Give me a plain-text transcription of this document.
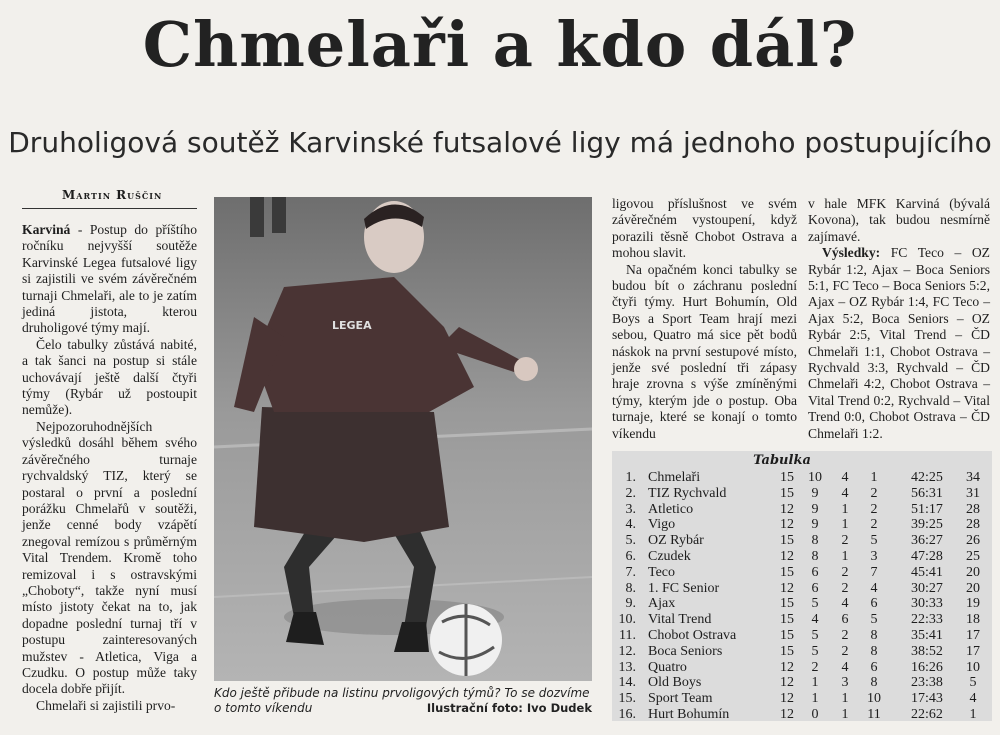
Chmelaři a kdo dál?
Druholigová soutěž Karvinské futsalové ligy má jednoho postupujícího
Martin Ruščin

Karviná - Postup do příštího ročníku nejvyšší soutěže Karvinské Legea futsalové ligy si zajistili ve svém závěrečném turnaji Chmelaři, ale to je zatím jediná jistota, kterou druholigové týmy mají.

Čelo tabulky zůstává nabité, a tak šanci na postup si stále uchovávají ještě další čtyři týmy (Rybár už postoupit nemůže).

Nejpozoruhodnějších výsledků dosáhl během svého závěrečného turnaje rychvaldský TIZ, který se postaral o první a poslední porážku Chmelařů v soutěži, jenže cenné body vzápětí znegoval remízou s průměrným Vital Trendem. Kromě toho remizoval i s ostravskými „Choboty“, takže nyní musí místo jistoty čekat na to, jak dopadne poslední turnaj tří v postupu zainteresovaných mužstev - Atletica, Viga a Czudku. O postup může taky docela dobře přijít.

Chmelaři si zajistili prvo-

LEGEA
Kdo ještě přibude na listinu prvoligových týmů? To se dozvíme o tomto víkendu	Ilustrační foto: Ivo Dudek

ligovou příslušnost ve svém závěrečném vystoupení, když porazili těsně Chobot Ostrava a mohou slavit.

Na opačném konci tabulky se budou bít o záchranu poslední čtyři týmy. Hurt Bohumín, Old Boys a Sport Team hrají mezi sebou, Quatro má sice pět bodů náskok na první sestupové místo, jenže své poslední tři zápasy hraje zrovna s výše zmíněnými týmy, kterým jde o postup. Oba turnaje, které se konají o tomto víkendu

v hale MFK Karviná (bývalá Kovona), tak budou nesmírně zajímavé.

Výsledky: FC Teco – OZ Rybár 1:2, Ajax – Boca Seniors 5:1, FC Teco – Boca Seniors 5:2, Ajax – OZ Rybár 1:4, FC Teco – Ajax 5:2, Boca Seniors – OZ Rybár 2:5, Vital Trend – ČD Chmelaři 1:1, Chobot Ostrava – Rychvald 3:3, Rychvald – ČD Chmelaři 4:2, Chobot Ostrava – Vital Trend 0:2, Rychvald – Vital Trend 0:0, Chobot Ostrava – ČD Chmelaři 1:2.

Tabulka
1. Chmelaři	15	10	4	1	42:25	34
2. TIZ Rychvald	15	9	4	2	56:31	31
3. Atletico	12	9	1	2	51:17	28
4. Vigo	12	9	1	2	39:25	28
5. OZ Rybár	15	8	2	5	36:27	26
6. Czudek	12	8	1	3	47:28	25
7. Teco	15	6	2	7	45:41	20
8. 1. FC Senior	12	6	2	4	30:27	20
9. Ajax	15	5	4	6	30:33	19
10. Vital Trend	15	4	6	5	22:33	18
11. Chobot Ostrava	15	5	2	8	35:41	17
12. Boca Seniors	15	5	2	8	38:52	17
13. Quatro	12	2	4	6	16:26	10
14. Old Boys	12	1	3	8	23:38	5
15. Sport Team	12	1	1	10	17:43	4
16. Hurt Bohumín	12	0	1	11	22:62	1
